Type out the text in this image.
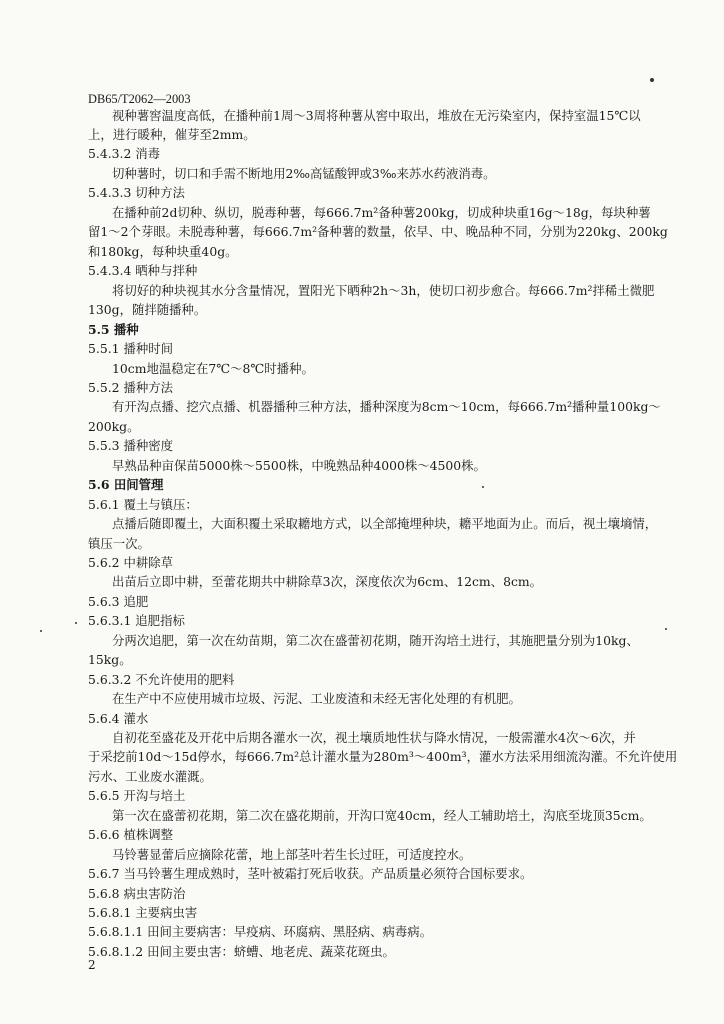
DB65/T2062—2003
视种薯窖温度高低，在播种前1周～3周将种薯从窖中取出，堆放在无污染室内，保持室温15℃以
上，进行暖种，催芽至2mm。
5.4.3.2 消毒
切种薯时，切口和手需不断地用2‰高锰酸钾或3‰来苏水药液消毒。
5.4.3.3 切种方法
在播种前2d切种、纵切，脱毒种薯，每666.7m²备种薯200kg，切成种块重16g～18g，每块种薯
留1～2个芽眼。未脱毒种薯，每666.7m²备种薯的数量，依早、中、晚品种不同，分别为220kg、200kg
和180kg，每种块重40g。
5.4.3.4 晒种与拌种
将切好的种块视其水分含量情况，置阳光下晒种2h～3h，使切口初步愈合。每666.7m²拌稀土微肥
130g，随拌随播种。
5.5 播种
5.5.1 播种时间
10cm地温稳定在7℃～8℃时播种。
5.5.2 播种方法
有开沟点播、挖穴点播、机器播种三种方法，播种深度为8cm～10cm，每666.7m²播种量100kg～
200kg。
5.5.3 播种密度
早熟品种亩保苗5000株～5500株，中晚熟品种4000株～4500株。
5.6 田间管理
5.6.1 覆土与镇压：
点播后随即覆土，大面积覆土采取耱地方式，以全部掩埋种块，耱平地面为止。而后，视土壤墒情，
镇压一次。
5.6.2 中耕除草
出苗后立即中耕，至蕾花期共中耕除草3次，深度依次为6cm、12cm、8cm。
5.6.3 追肥
5.6.3.1 追肥指标
分两次追肥，第一次在幼苗期，第二次在盛蕾初花期，随开沟培土进行，其施肥量分别为10kg、
15kg。
5.6.3.2 不允许使用的肥料
在生产中不应使用城市垃圾、污泥、工业废渣和未经无害化处理的有机肥。
5.6.4 灌水
自初花至盛花及开花中后期各灌水一次，视土壤质地性状与降水情况，一般需灌水4次～6次，并
于采挖前10d～15d停水，每666.7m²总计灌水量为280m³～400m³，灌水方法采用细流沟灌。不允许使用
污水、工业废水灌溉。
5.6.5 开沟与培土
第一次在盛蕾初花期，第二次在盛花期前，开沟口宽40cm，经人工辅助培土，沟底至垅顶35cm。
5.6.6 植株调整
马铃薯显蕾后应摘除花蕾，地上部茎叶若生长过旺，可适度控水。
5.6.7 当马铃薯生理成熟时，茎叶被霜打死后收获。产品质量必须符合国标要求。
5.6.8 病虫害防治
5.6.8.1 主要病虫害
5.6.8.1.1 田间主要病害：早疫病、环腐病、黑胫病、病毒病。
5.6.8.1.2 田间主要虫害：蛴螬、地老虎、蔬菜花斑虫。
2
